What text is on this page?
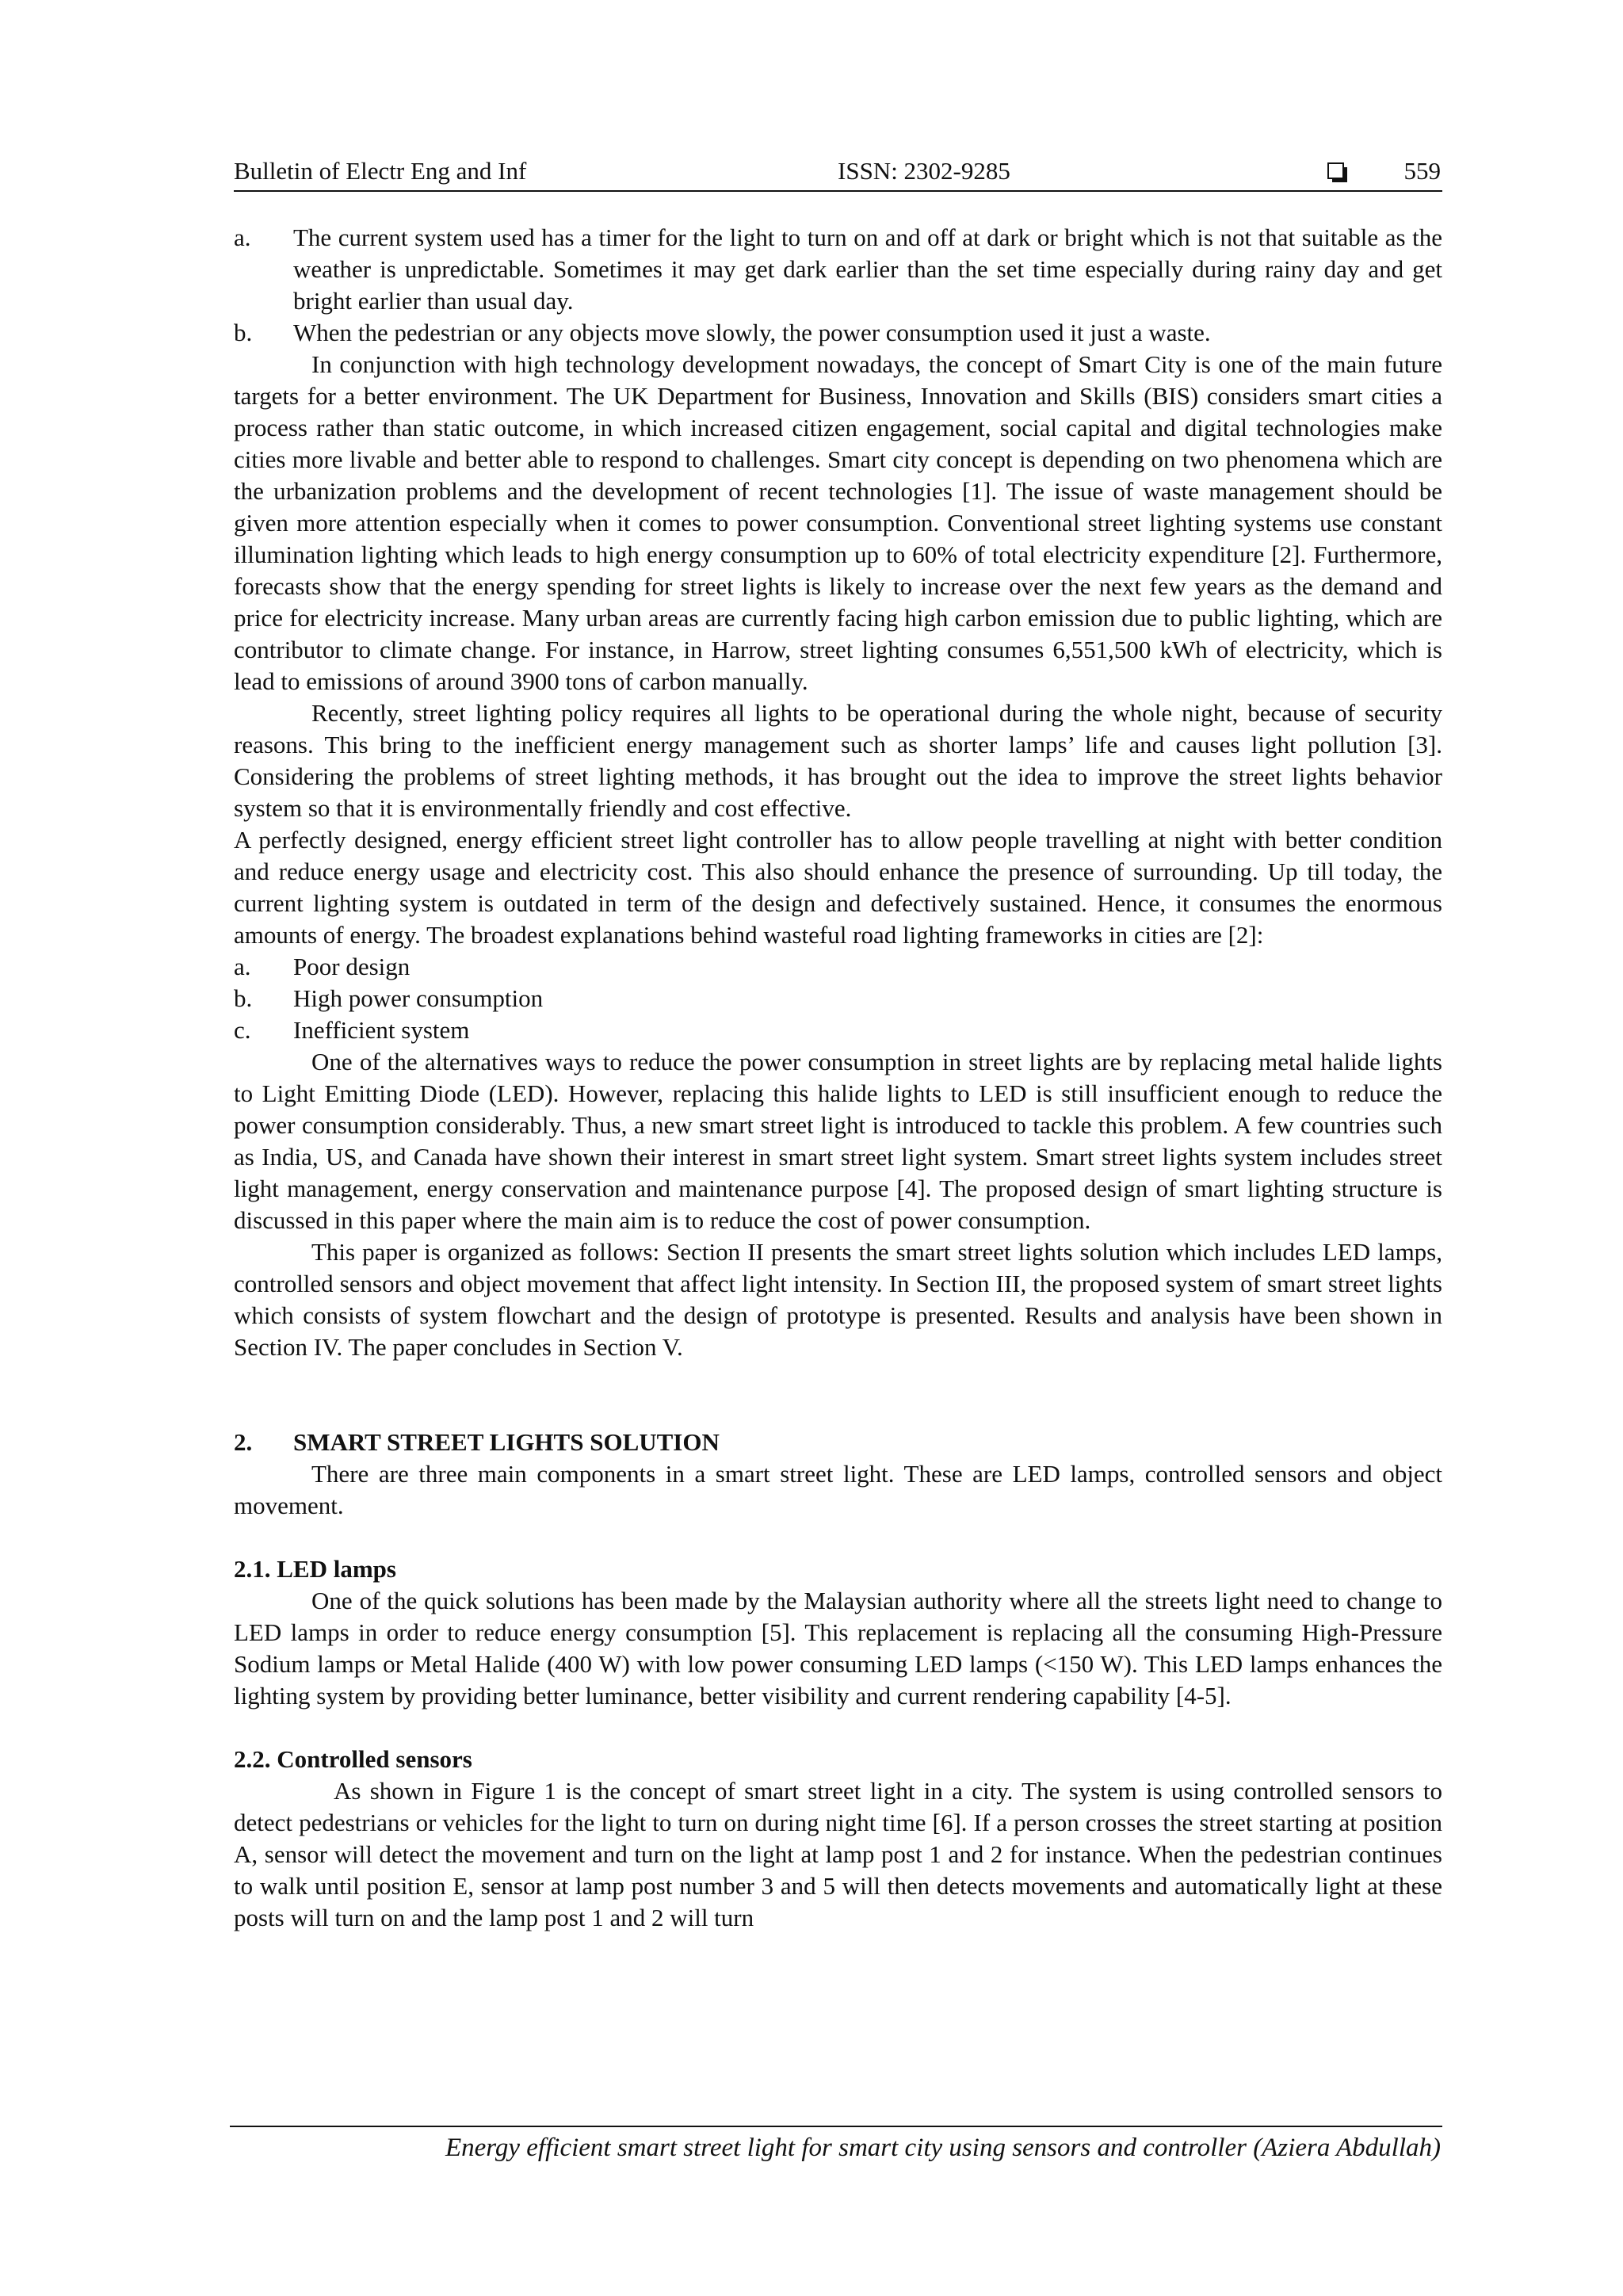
Bulletin of Electr Eng and Inf	ISSN: 2302-9285	559
a.	The current system used has a timer for the light to turn on and off at dark or bright which is not that suitable as the weather is unpredictable. Sometimes it may get dark earlier than the set time especially during rainy day and get bright earlier than usual day.
b.	When the pedestrian or any objects move slowly, the power consumption used it just a waste.

In conjunction with high technology development nowadays, the concept of Smart City is one of the main future targets for a better environment. The UK Department for Business, Innovation and Skills (BIS) considers smart cities a process rather than static outcome, in which increased citizen engagement, social capital and digital technologies make cities more livable and better able to respond to challenges. Smart city concept is depending on two phenomena which are the urbanization problems and the development of recent technologies [1]. The issue of waste management should be given more attention especially when it comes to power consumption. Conventional street lighting systems use constant illumination lighting which leads to high energy consumption up to 60% of total electricity expenditure [2]. Furthermore, forecasts show that the energy spending for street lights is likely to increase over the next few years as the demand and price for electricity increase. Many urban areas are currently facing high carbon emission due to public lighting, which are contributor to climate change. For instance, in Harrow, street lighting consumes 6,551,500 kWh of electricity, which is lead to emissions of around 3900 tons of carbon manually.

Recently, street lighting policy requires all lights to be operational during the whole night, because of security reasons. This bring to the inefficient energy management such as shorter lamps’ life and causes light pollution [3]. Considering the problems of street lighting methods, it has brought out the idea to improve the street lights behavior system so that it is environmentally friendly and cost effective.

A perfectly designed, energy efficient street light controller has to allow people travelling at night with better condition and reduce energy usage and electricity cost. This also should enhance the presence of surrounding. Up till today, the current lighting system is outdated in term of the design and defectively sustained. Hence, it consumes the enormous amounts of energy. The broadest explanations behind wasteful road lighting frameworks in cities are [2]:

a.	Poor design
b.	High power consumption
c.	Inefficient system

One of the alternatives ways to reduce the power consumption in street lights are by replacing metal halide lights to Light Emitting Diode (LED). However, replacing this halide lights to LED is still insufficient enough to reduce the power consumption considerably. Thus, a new smart street light is introduced to tackle this problem. A few countries such as India, US, and Canada have shown their interest in smart street light system. Smart street lights system includes street light management, energy conservation and maintenance purpose [4]. The proposed design of smart lighting structure is discussed in this paper where the main aim is to reduce the cost of power consumption.

This paper is organized as follows: Section II presents the smart street lights solution which includes LED lamps, controlled sensors and object movement that affect light intensity. In Section III, the proposed system of smart street lights which consists of system flowchart and the design of prototype is presented. Results and analysis have been shown in Section IV. The paper concludes in Section V.

2.	SMART STREET LIGHTS SOLUTION

There are three main components in a smart street light. These are LED lamps, controlled sensors and object movement.

2.1. LED lamps

One of the quick solutions has been made by the Malaysian authority where all the streets light need to change to LED lamps in order to reduce energy consumption [5]. This replacement is replacing all the consuming High-Pressure Sodium lamps or Metal Halide (400 W) with low power consuming LED lamps (<150 W). This LED lamps enhances the lighting system by providing better luminance, better visibility and current rendering capability [4-5].

2.2. Controlled sensors

As shown in Figure 1 is the concept of smart street light in a city. The system is using controlled sensors to detect pedestrians or vehicles for the light to turn on during night time [6]. If a person crosses the street starting at position A, sensor will detect the movement and turn on the light at lamp post 1 and 2 for instance. When the pedestrian continues to walk until position E, sensor at lamp post number 3 and 5 will then detects movements and automatically light at these posts will turn on and the lamp post 1 and 2 will turn

Energy efficient smart street light for smart city using sensors and controller (Aziera Abdullah)
